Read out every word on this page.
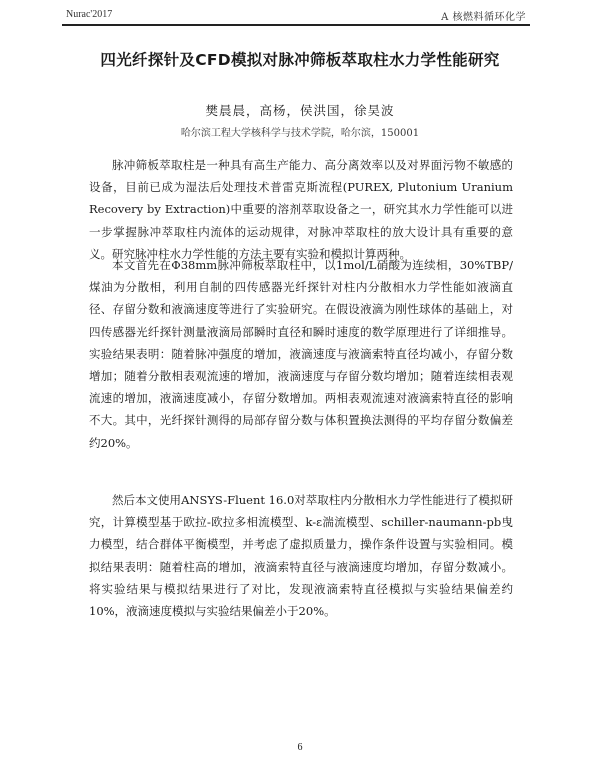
Nurac'2017	A 核燃料循环化学
四光纤探针及CFD模拟对脉冲筛板萃取柱水力学性能研究
樊晨晨，高杨，侯洪国，徐昊波
哈尔滨工程大学核科学与技术学院，哈尔滨，150001
脉冲筛板萃取柱是一种具有高生产能力、高分离效率以及对界面污物不敏感的设备，目前已成为湿法后处理技术普雷克斯流程(PUREX, Plutonium Uranium Recovery by Extraction)中重要的溶剂萃取设备之一，研究其水力学性能可以进一步掌握脉冲萃取柱内流体的运动规律，对脉冲萃取柱的放大设计具有重要的意义。研究脉冲柱水力学性能的方法主要有实验和模拟计算两种。
本文首先在Φ38mm脉冲筛板萃取柱中，以1mol/L硝酸为连续相，30%TBP/煤油为分散相，利用自制的四传感器光纤探针对柱内分散相水力学性能如液滴直径、存留分数和液滴速度等进行了实验研究。在假设液滴为刚性球体的基础上，对四传感器光纤探针测量液滴局部瞬时直径和瞬时速度的数学原理进行了详细推导。实验结果表明：随着脉冲强度的增加，液滴速度与液滴索特直径均减小，存留分数增加；随着分散相表观流速的增加，液滴速度与存留分数均增加；随着连续相表观流速的增加，液滴速度减小，存留分数增加。两相表观流速对液滴索特直径的影响不大。其中，光纤探针测得的局部存留分数与体积置换法测得的平均存留分数偏差约20%。
然后本文使用ANSYS-Fluent 16.0对萃取柱内分散相水力学性能进行了模拟研究，计算模型基于欧拉-欧拉多相流模型、k-ε湍流模型、schiller-naumann-pb曳力模型，结合群体平衡模型，并考虑了虚拟质量力，操作条件设置与实验相同。模拟结果表明：随着柱高的增加，液滴索特直径与液滴速度均增加，存留分数减小。将实验结果与模拟结果进行了对比，发现液滴索特直径模拟与实验结果偏差约10%，液滴速度模拟与实验结果偏差小于20%。
6
